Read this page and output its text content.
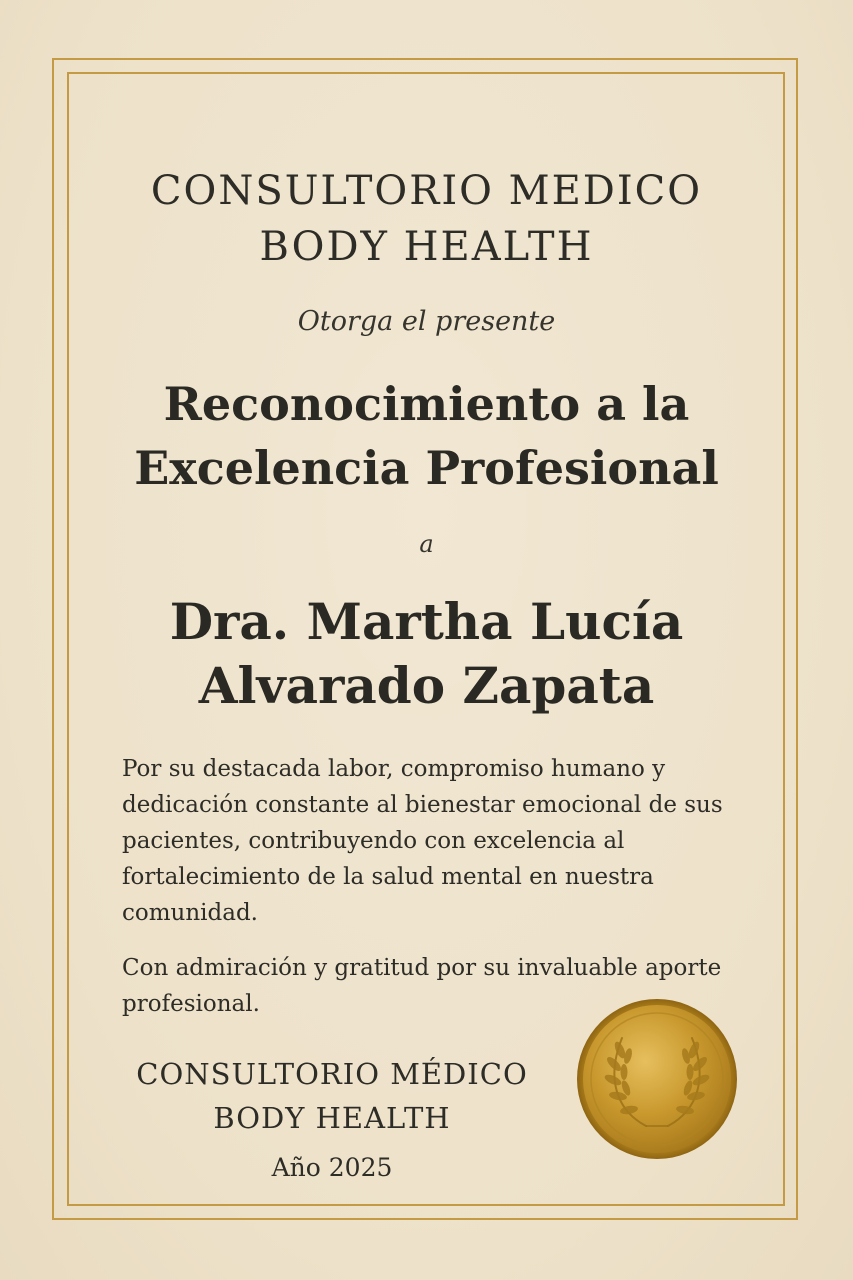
CONSULTORIO MEDICO
BODY HEALTH

Otorga el presente

Reconocimiento a la
Excelencia Profesional

a

Dra. Martha Lucía
Alvarado Zapata

Por su destacada labor, compromiso humano y dedicación constante al bienestar emocional de sus pacientes, contribuyendo con excelencia al fortalecimiento de la salud mental en nuestra comunidad.

Con admiración y gratitud por su invaluable aporte profesional.

CONSULTORIO MÉDICO
BODY HEALTH

Año 2025
